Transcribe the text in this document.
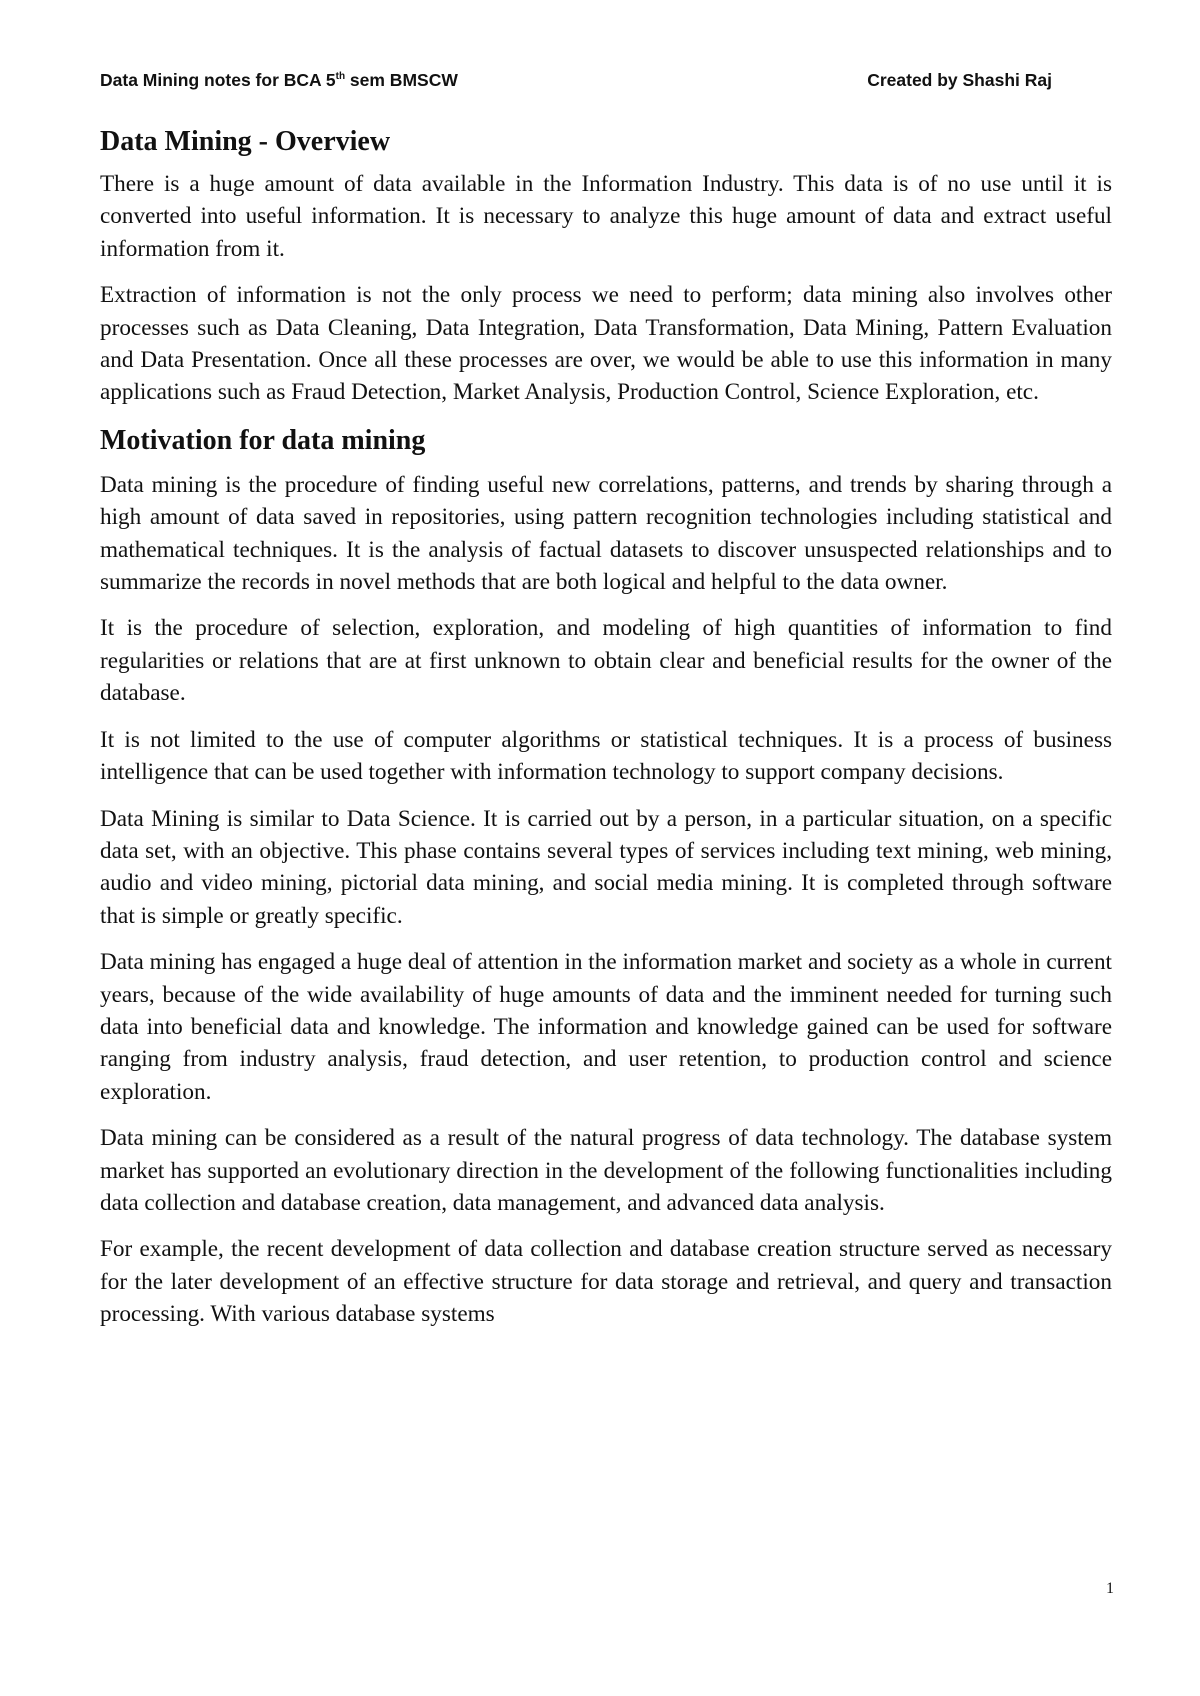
Data Mining notes for BCA 5th sem BMSCW	Created by Shashi Raj
Data Mining - Overview

There is a huge amount of data available in the Information Industry. This data is of no use until it is converted into useful information. It is necessary to analyze this huge amount of data and extract useful information from it.

Extraction of information is not the only process we need to perform; data mining also involves other processes such as Data Cleaning, Data Integration, Data Transformation, Data Mining, Pattern Evaluation and Data Presentation. Once all these processes are over, we would be able to use this information in many applications such as Fraud Detection, Market Analysis, Production Control, Science Exploration, etc.

Motivation for data mining

Data mining is the procedure of finding useful new correlations, patterns, and trends by sharing through a high amount of data saved in repositories, using pattern recognition technologies including statistical and mathematical techniques. It is the analysis of factual datasets to discover unsuspected relationships and to summarize the records in novel methods that are both logical and helpful to the data owner.

It is the procedure of selection, exploration, and modeling of high quantities of information to find regularities or relations that are at first unknown to obtain clear and beneficial results for the owner of the database.

It is not limited to the use of computer algorithms or statistical techniques. It is a process of business intelligence that can be used together with information technology to support company decisions.

Data Mining is similar to Data Science. It is carried out by a person, in a particular situation, on a specific data set, with an objective. This phase contains several types of services including text mining, web mining, audio and video mining, pictorial data mining, and social media mining. It is completed through software that is simple or greatly specific.

Data mining has engaged a huge deal of attention in the information market and society as a whole in current years, because of the wide availability of huge amounts of data and the imminent needed for turning such data into beneficial data and knowledge. The information and knowledge gained can be used for software ranging from industry analysis, fraud detection, and user retention, to production control and science exploration.

Data mining can be considered as a result of the natural progress of data technology. The database system market has supported an evolutionary direction in the development of the following functionalities including data collection and database creation, data management, and advanced data analysis.

For example, the recent development of data collection and database creation structure served as necessary for the later development of an effective structure for data storage and retrieval, and query and transaction processing. With various database systems

1
